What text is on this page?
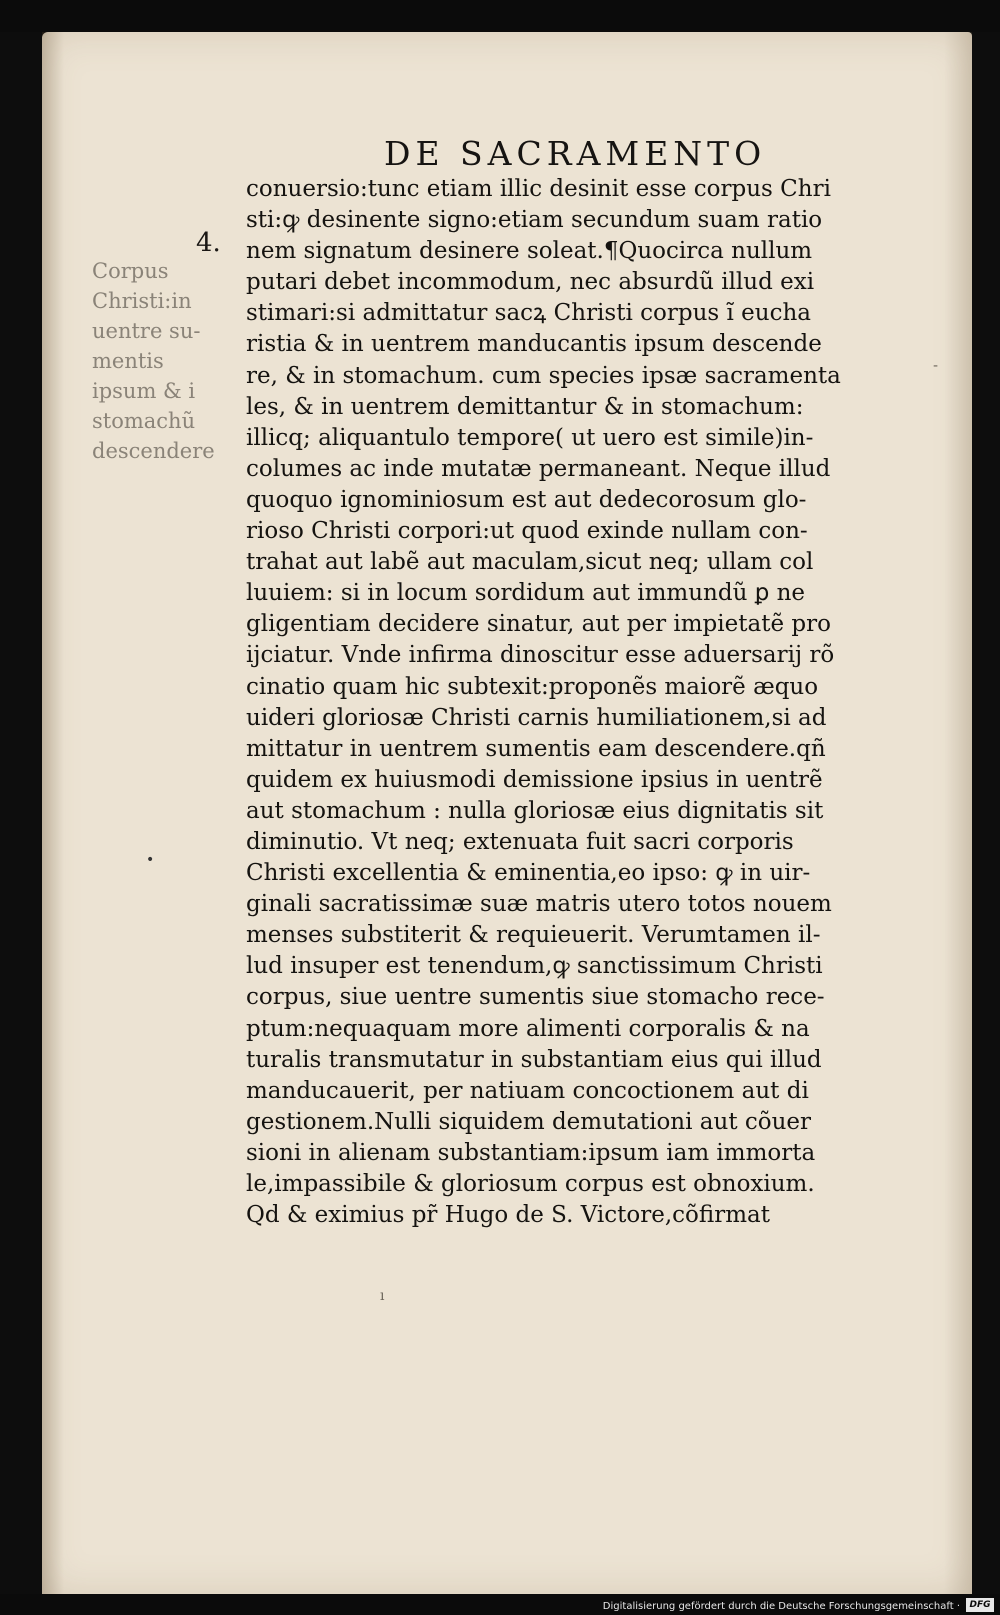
-
DE SACRAMENTO
4.
Corpus
Christi:in
uentre su-
mentis
ipsum & i
stomachũ
descendere
•
conuersio:tunc etiam illic desinit esse corpus Chri
sti:ꝙ desinente signo:etiam secundum suam ratio
nem signatum desinere soleat.¶Quocirca nullum
putari debet incommodum, nec absurdũ illud exi
stimari:si admittatur sacꝝ Christi corpus ĩ eucha
ristia & in uentrem manducantis ipsum descende
re, & in stomachum. cum species ipsæ sacramenta
les, & in uentrem demittantur & in stomachum:
illicq; aliquantulo tempore( ut uero est simile)in-
columes ac inde mutatæ permaneant. Neque illud
quoquo ignominiosum est aut dedecorosum glo-
rioso Christi corpori:ut quod exinde nullam con-
trahat aut labẽ aut maculam,sicut neq; ullam col
luuiem: si in locum sordidum aut immundũ ꝑ ne
gligentiam decidere sinatur, aut per impietatẽ pro
ijciatur. Vnde infirma dinoscitur esse aduersarij rõ
cinatio quam hic subtexit:proponẽs maiorẽ æquo
uideri gloriosæ Christi carnis humiliationem,si ad
mittatur in uentrem sumentis eam descendere.qñ
quidem ex huiusmodi demissione ipsius in uentrẽ
aut stomachum : nulla gloriosæ eius dignitatis sit
diminutio. Vt neq; extenuata fuit sacri corporis
Christi excellentia & eminentia,eo ipso: ꝙ in uir-
ginali sacratissimæ suæ matris utero totos nouem
menses substiterit & requieuerit. Verumtamen il-
lud insuper est tenendum,ꝙ sanctissimum Christi
corpus, siue uentre sumentis siue stomacho rece-
ptum:nequaquam more alimenti corporalis & na
turalis transmutatur in substantiam eius qui illud
manducauerit, per natiuam concoctionem aut di
gestionem.Nulli siquidem demutationi aut cõuer
sioni in alienam substantiam:ipsum iam immorta
le,impassibile & gloriosum corpus est obnoxium.
Qd & eximius pr̃ Hugo de S. Victore,cõfirmat
ı
Digitalisierung gefördert durch die Deutsche Forschungsgemeinschaft ·	DFG
